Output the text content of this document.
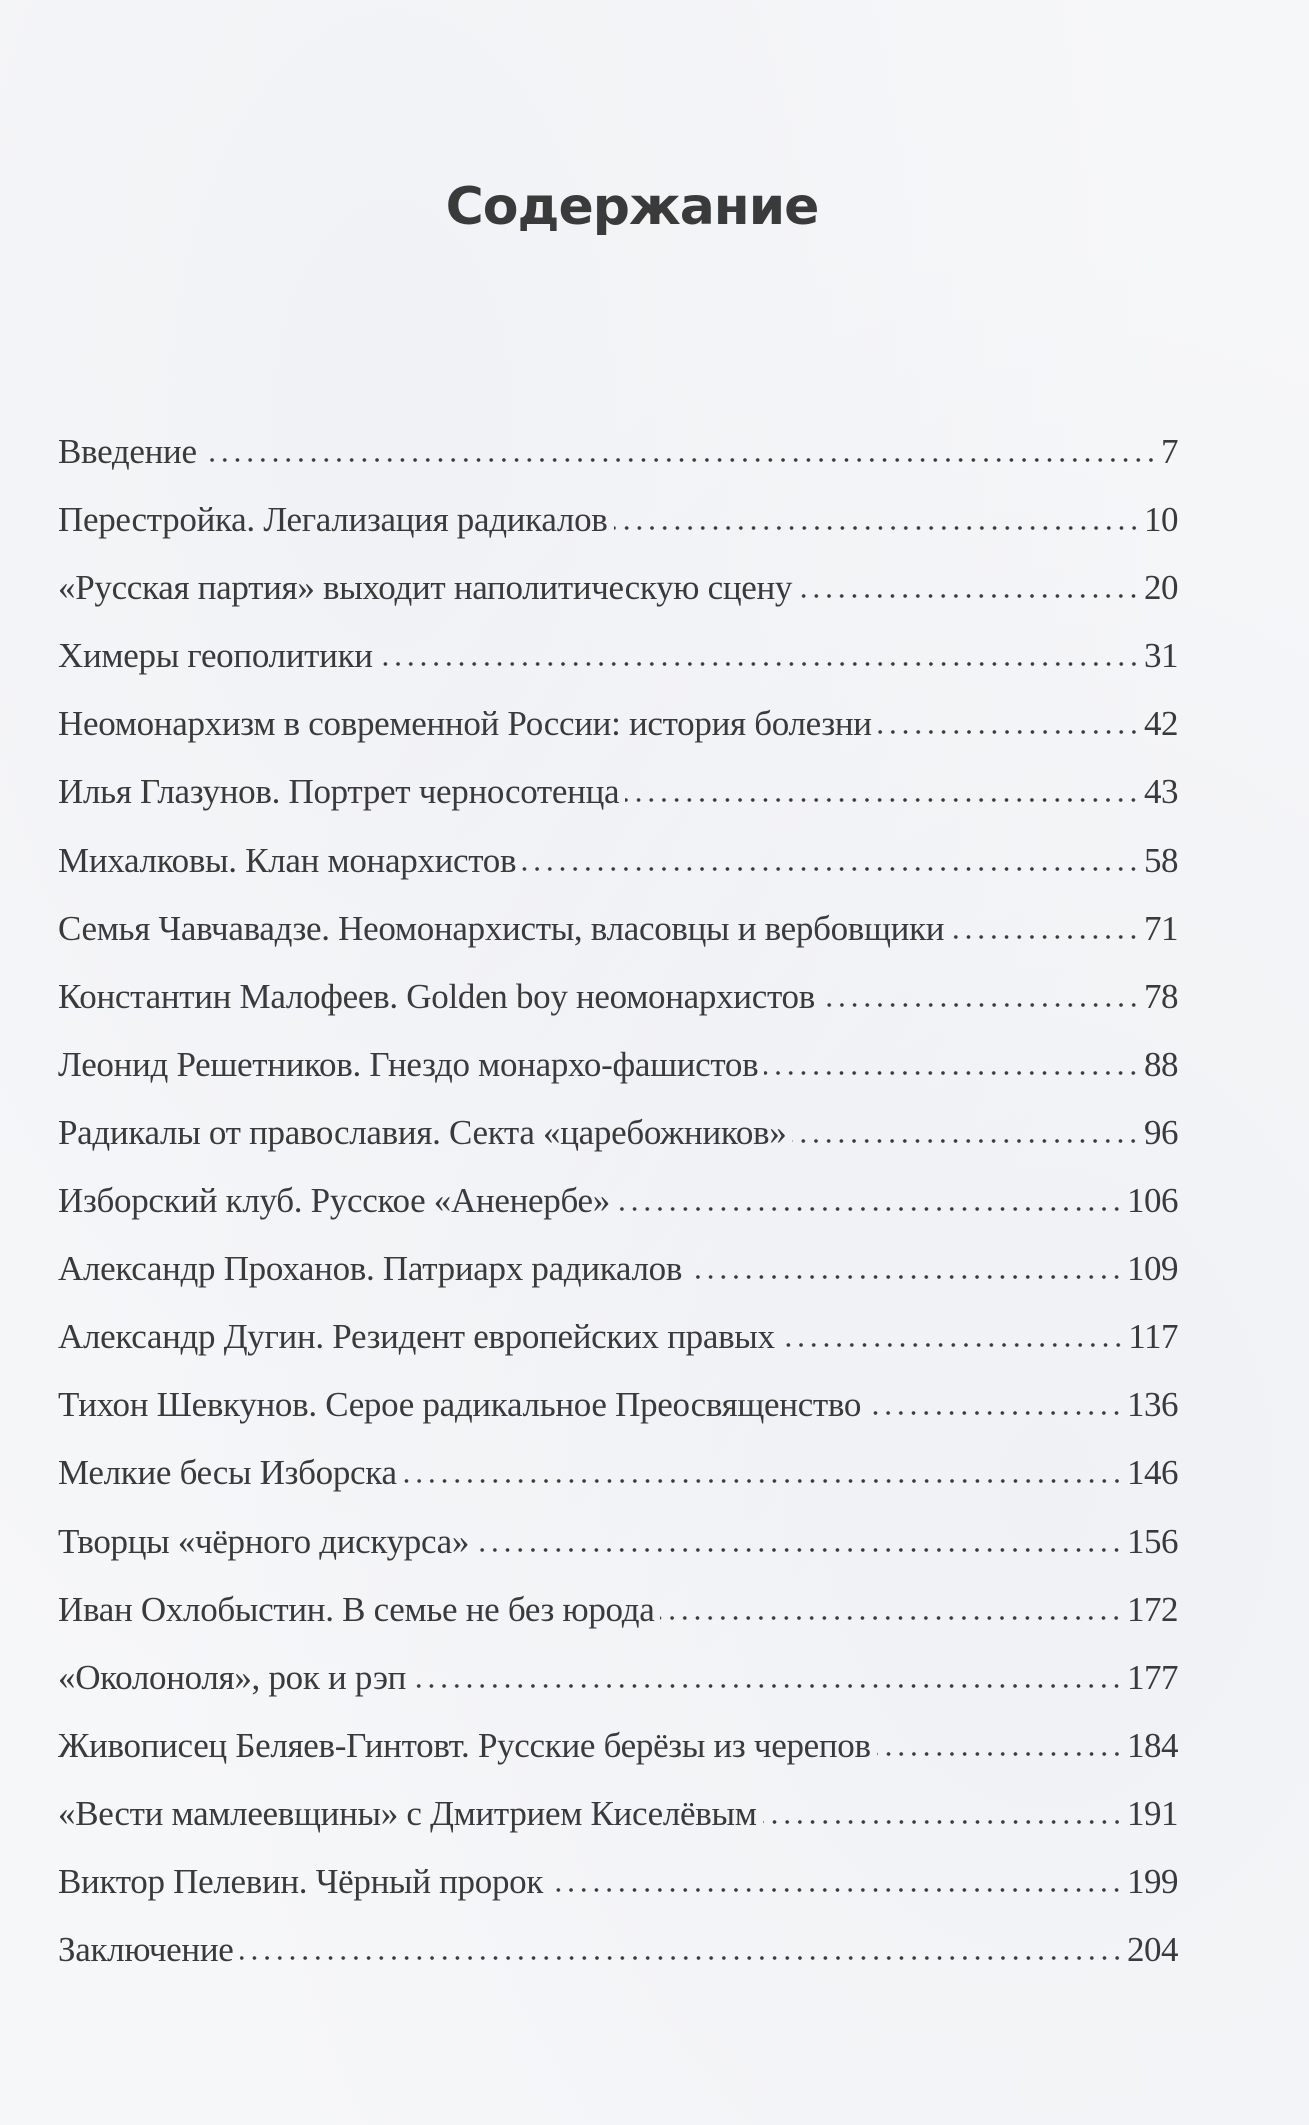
Содержание
Введение	7
Перестройка. Легализация радикалов	10
«Русская партия» выходит наполитическую сцену	20
Химеры геополитики	31
Неомонархизм в современной России: история болезни	42
Илья Глазунов. Портрет черносотенца	43
Михалковы. Клан монархистов	58
Семья Чавчавадзе. Неомонархисты, власовцы и вербовщики	71
Константин Малофеев. Golden boy неомонархистов	78
Леонид Решетников. Гнездо монархо-фашистов	88
Радикалы от православия. Секта «царебожников»	96
Изборский клуб. Русское «Аненербе»	106
Александр Проханов. Патриарх радикалов	109
Александр Дугин. Резидент европейских правых	117
Тихон Шевкунов. Серое радикальное Преосвященство	136
Мелкие бесы Изборска	146
Творцы «чёрного дискурса»	156
Иван Охлобыстин. В семье не без юрода	172
«Околоноля», рок и рэп	177
Живописец Беляев-Гинтовт. Русские берёзы из черепов	184
«Вести мамлеевщины» с Дмитрием Киселёвым	191
Виктор Пелевин. Чёрный пророк	199
Заключение	204
